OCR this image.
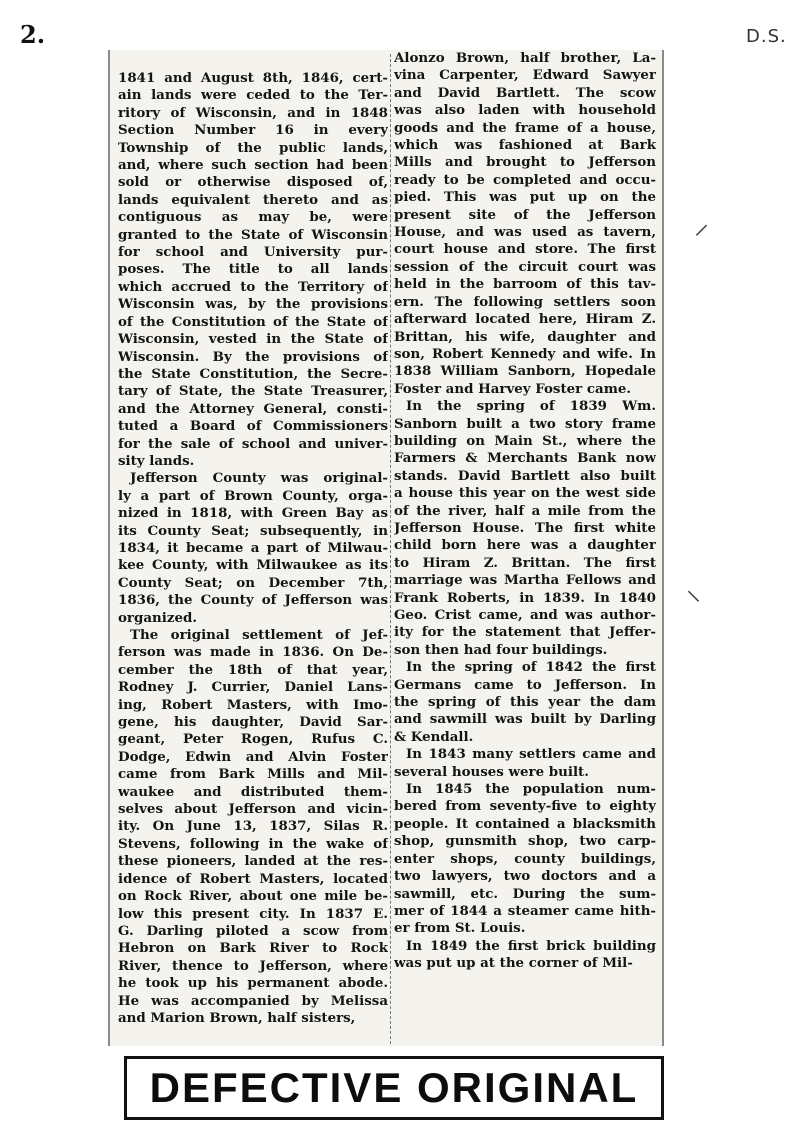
2.	D.S.
1841 and August 8th, 1846, cert-
ain lands were ceded to the Ter-
ritory of Wisconsin, and in 1848
Section Number 16 in every
Township of the public lands,
and, where such section had been
sold or otherwise disposed of,
lands equivalent thereto and as
contiguous as may be, were
granted to the State of Wisconsin
for school and University pur-
poses. The title to all lands
which accrued to the Territory of
Wisconsin was, by the provisions
of the Constitution of the State of
Wisconsin, vested in the State of
Wisconsin. By the provisions of
the State Constitution, the Secre-
tary of State, the State Treasurer,
and the Attorney General, consti-
tuted a Board of Commissioners
for the sale of school and univer-
sity lands.
Jefferson County was original-
ly a part of Brown County, orga-
nized in 1818, with Green Bay as
its County Seat; subsequently, in
1834, it became a part of Milwau-
kee County, with Milwaukee as its
County Seat; on December 7th,
1836, the County of Jefferson was
organized.
The original settlement of Jef-
ferson was made in 1836. On De-
cember the 18th of that year,
Rodney J. Currier, Daniel Lans-
ing, Robert Masters, with Imo-
gene, his daughter, David Sar-
geant, Peter Rogen, Rufus C.
Dodge, Edwin and Alvin Foster
came from Bark Mills and Mil-
waukee and distributed them-
selves about Jefferson and vicin-
ity. On June 13, 1837, Silas R.
Stevens, following in the wake of
these pioneers, landed at the res-
idence of Robert Masters, located
on Rock River, about one mile be-
low this present city. In 1837 E.
G. Darling piloted a scow from
Hebron on Bark River to Rock
River, thence to Jefferson, where
he took up his permanent abode.
He was accompanied by Melissa
and Marion Brown, half sisters,
Alonzo Brown, half brother, La-
vina Carpenter, Edward Sawyer
and David Bartlett. The scow
was also laden with household
goods and the frame of a house,
which was fashioned at Bark
Mills and brought to Jefferson
ready to be completed and occu-
pied. This was put up on the
present site of the Jefferson
House, and was used as tavern,
court house and store. The first
session of the circuit court was
held in the barroom of this tav-
ern. The following settlers soon
afterward located here, Hiram Z.
Brittan, his wife, daughter and
son, Robert Kennedy and wife. In
1838 William Sanborn, Hopedale
Foster and Harvey Foster came.
In the spring of 1839 Wm.
Sanborn built a two story frame
building on Main St., where the
Farmers & Merchants Bank now
stands. David Bartlett also built
a house this year on the west side
of the river, half a mile from the
Jefferson House. The first white
child born here was a daughter
to Hiram Z. Brittan. The first
marriage was Martha Fellows and
Frank Roberts, in 1839. In 1840
Geo. Crist came, and was author-
ity for the statement that Jeffer-
son then had four buildings.
In the spring of 1842 the first
Germans came to Jefferson. In
the spring of this year the dam
and sawmill was built by Darling
& Kendall.
In 1843 many settlers came and
several houses were built.
In 1845 the population num-
bered from seventy-five to eighty
people. It contained a blacksmith
shop, gunsmith shop, two carp-
enter shops, county buildings,
two lawyers, two doctors and a
sawmill, etc. During the sum-
mer of 1844 a steamer came hith-
er from St. Louis.
In 1849 the first brick building
was put up at the corner of Mil-
⸍
⸌
DEFECTIVE ORIGINAL
